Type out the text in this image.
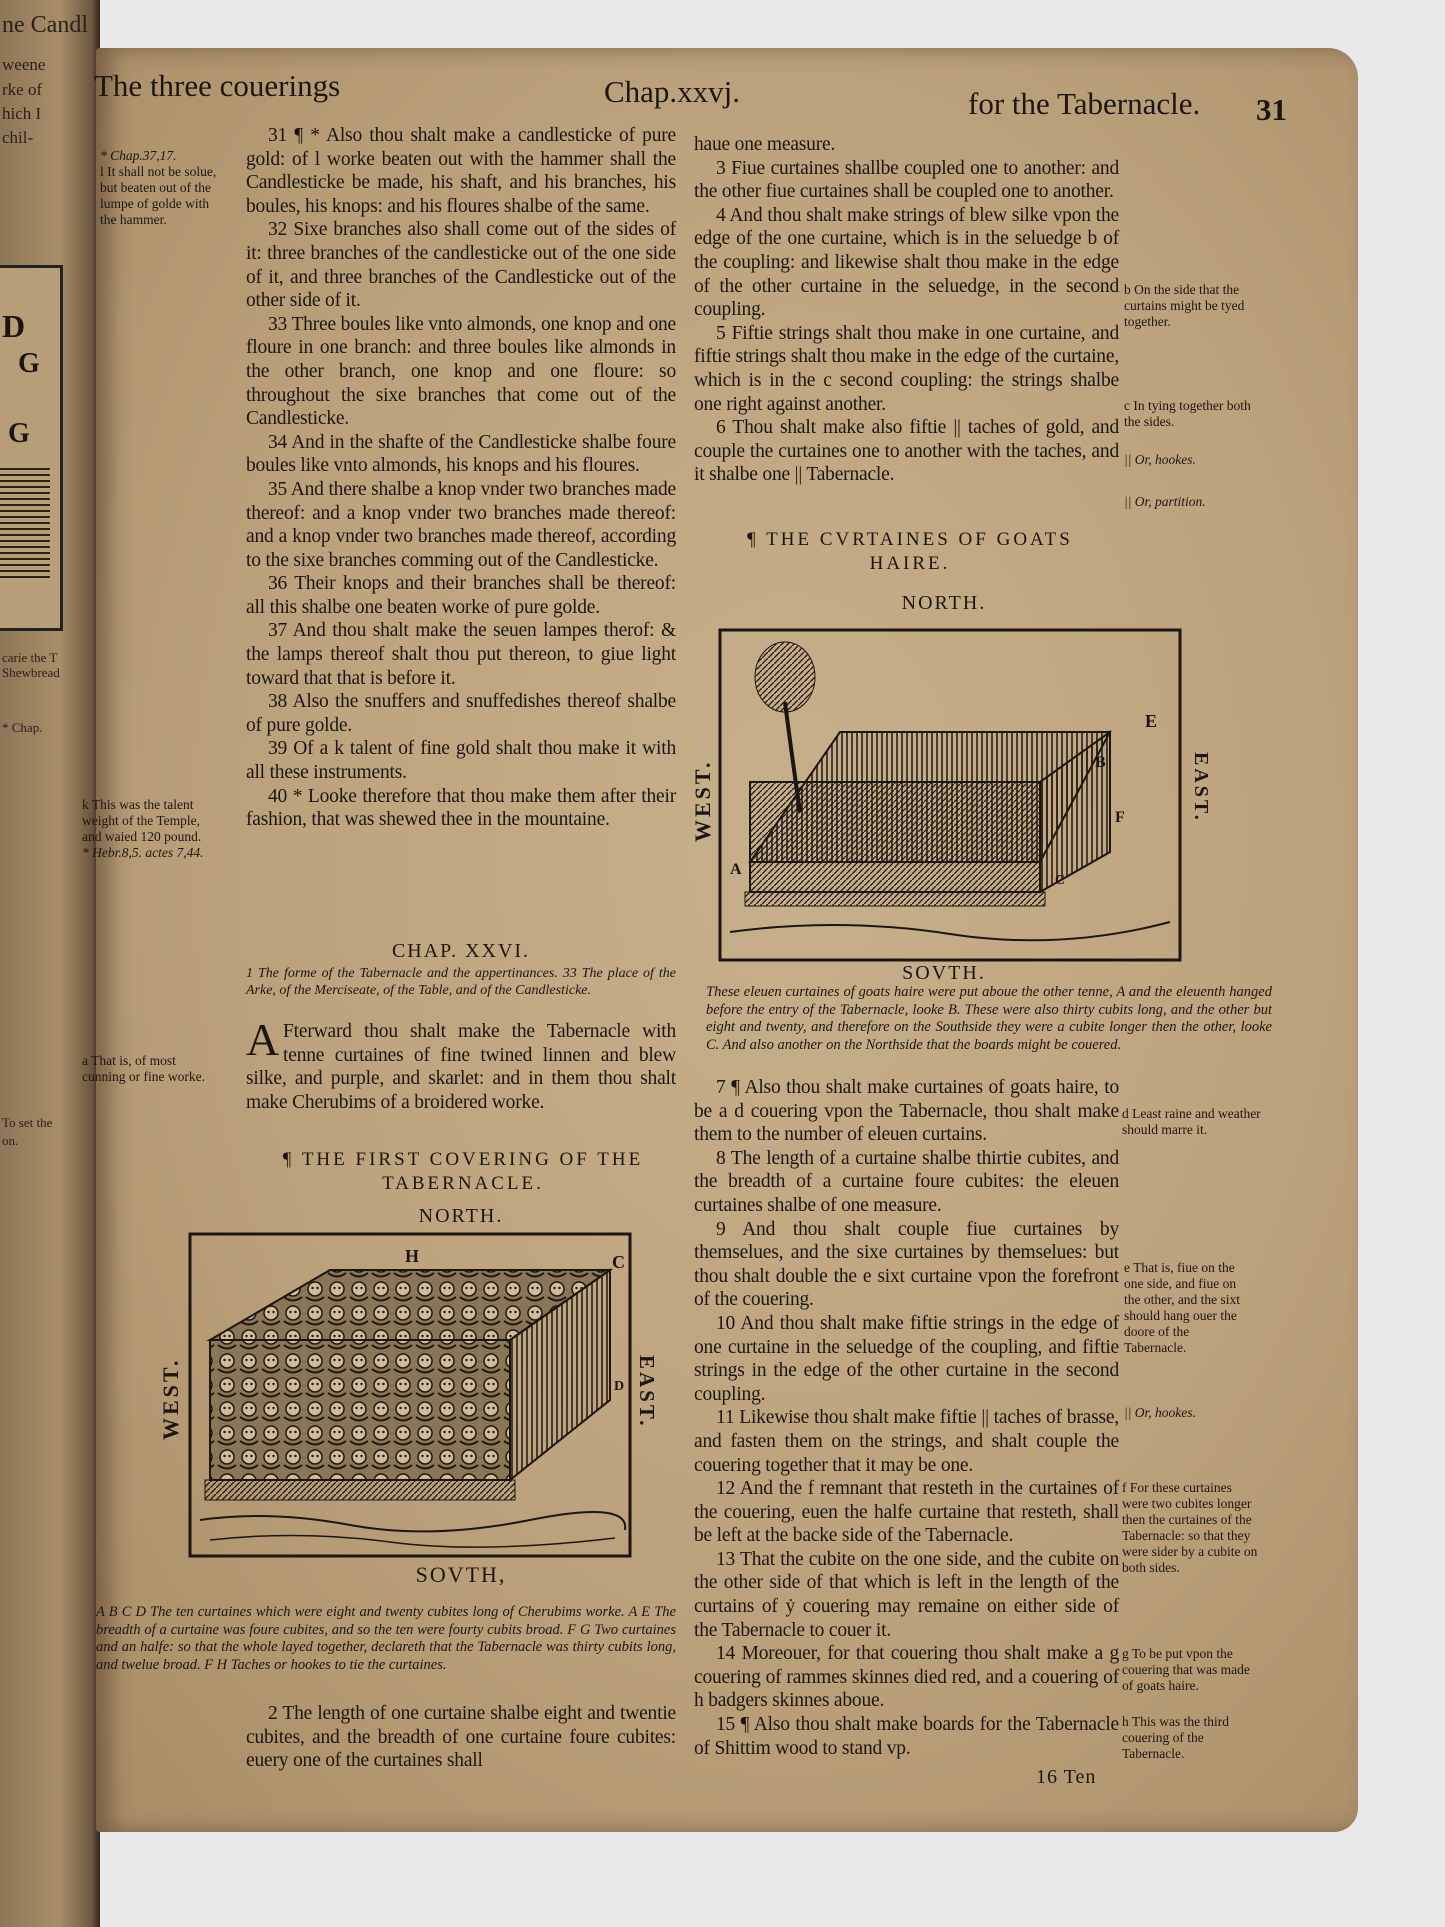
ne Candl
weene
rke of
hich I
chil-
D
G
G
carie the T
Shewbread
* Chap.
To set the
on.
The three couerings	Chap.xxvj.	for the Tabernacle. 31
* Chap.37,17.
l It shall not be solue, but beaten out of the lumpe of golde with the hammer.
k This was the talent weight of the Temple, and waied 120 pound.
* Hebr.8,5. actes 7,44.
a That is, of most cunning or fine worke.

31 ¶ * Also thou shalt make a candlesticke of pure gold: of l worke beaten out with the hammer shall the Candlesticke be made, his shaft, and his branches, his boules, his knops: and his floures shalbe of the same.

32 Sixe branches also shall come out of the sides of it: three branches of the candlesticke out of the one side of it, and three branches of the Candlesticke out of the other side of it.

33 Three boules like vnto almonds, one knop and one floure in one branch: and three boules like almonds in the other branch, one knop and one floure: so throughout the sixe branches that come out of the Candlesticke.

34 And in the shafte of the Candlesticke shalbe foure boules like vnto almonds, his knops and his floures.

35 And there shalbe a knop vnder two branches made thereof: and a knop vnder two branches made thereof: and a knop vnder two branches made thereof, according to the sixe branches comming out of the Candlesticke.

36 Their knops and their branches shall be thereof: all this shalbe one beaten worke of pure golde.

37 And thou shalt make the seuen lampes therof: & the lamps thereof shalt thou put thereon, to giue light toward that that is before it.

38 Also the snuffers and snuffedishes thereof shalbe of pure golde.

39 Of a k talent of fine gold shalt thou make it with all these instruments.

40 * Looke therefore that thou make them after their fashion, that was shewed thee in the mountaine.

CHAP. XXVI.
1 The forme of the Tabernacle and the appertinances. 33 The place of the Arke, of the Merciseate, of the Table, and of the Candlesticke.
A Fterward thou shalt make the Tabernacle with tenne curtaines of fine twined linnen and blew silke, and purple, and skarlet: and in them thou shalt make Cherubims of a broidered worke.
¶ THE FIRST COVERING OF THE TABERNACLE.
NORTH.
H	C
D
WEST.	EAST.
SOVTH,
A B C D The ten curtaines which were eight and twenty cubites long of Cherubims worke. A E The breadth of a curtaine was foure cubites, and so the ten were fourty cubits broad. F G Two curtaines and an halfe: so that the whole layed together, declareth that the Tabernacle was thirty cubits long, and twelue broad. F H Taches or hookes to tie the curtaines.

2 The length of one curtaine shalbe eight and twentie cubites, and the breadth of one curtaine foure cubites: euery one of the curtaines shall

haue one measure.

3 Fiue curtaines shallbe coupled one to another: and the other fiue curtaines shall be coupled one to another.

4 And thou shalt make strings of blew silke vpon the edge of the one curtaine, which is in the seluedge b of the coupling: and likewise shalt thou make in the edge of the other curtaine in the seluedge, in the second coupling.

5 Fiftie strings shalt thou make in one curtaine, and fiftie strings shalt thou make in the edge of the curtaine, which is in the c second coupling: the strings shalbe one right against another.

6 Thou shalt make also fiftie || taches of gold, and couple the curtaines one to another with the taches, and it shalbe one || Tabernacle.

¶ THE CVRTAINES OF GOATS HAIRE.
NORTH.
E
B
F
A
C
WEST.	EAST.
SOVTH.
These eleuen curtaines of goats haire were put aboue the other tenne, A and the eleuenth hanged before the entry of the Tabernacle, looke B. These were also thirty cubits long, and the other but eight and twenty, and therefore on the Southside they were a cubite longer then the other, looke C. And also another on the Northside that the boards might be couered.

7 ¶ Also thou shalt make curtaines of goats haire, to be a d couering vpon the Tabernacle, thou shalt make them to the number of eleuen curtains.

8 The length of a curtaine shalbe thirtie cubites, and the breadth of a curtaine foure cubites: the eleuen curtaines shalbe of one measure.

9 And thou shalt couple fiue curtaines by themselues, and the sixe curtaines by themselues: but thou shalt double the e sixt curtaine vpon the forefront of the couering.

10 And thou shalt make fiftie strings in the edge of one curtaine in the seluedge of the coupling, and fiftie strings in the edge of the other curtaine in the second coupling.

11 Likewise thou shalt make fiftie || taches of brasse, and fasten them on the strings, and shalt couple the couering together that it may be one.

12 And the f remnant that resteth in the curtaines of the couering, euen the halfe curtaine that resteth, shall be left at the backe side of the Tabernacle.

13 That the cubite on the one side, and the cubite on the other side of that which is left in the length of the curtains of ẏ couering may remaine on either side of the Tabernacle to couer it.

14 Moreouer, for that couering thou shalt make a g couering of rammes skinnes died red, and a couering of h badgers skinnes aboue.

15 ¶ Also thou shalt make boards for the Tabernacle of Shittim wood to stand vp.

16 Ten
b On the side that the curtains might be tyed together.
c In tying together both the sides.
|| Or, hookes.
|| Or, partition.
d Least raine and weather should marre it.
e That is, fiue on the one side, and fiue on the other, and the sixt should hang ouer the doore of the Tabernacle.
|| Or, hookes.
f For these curtaines were two cubites longer then the curtaines of the Tabernacle: so that they were sider by a cubite on both sides.
g To be put vpon the couering that was made of goats haire.
h This was the third couering of the Tabernacle.
